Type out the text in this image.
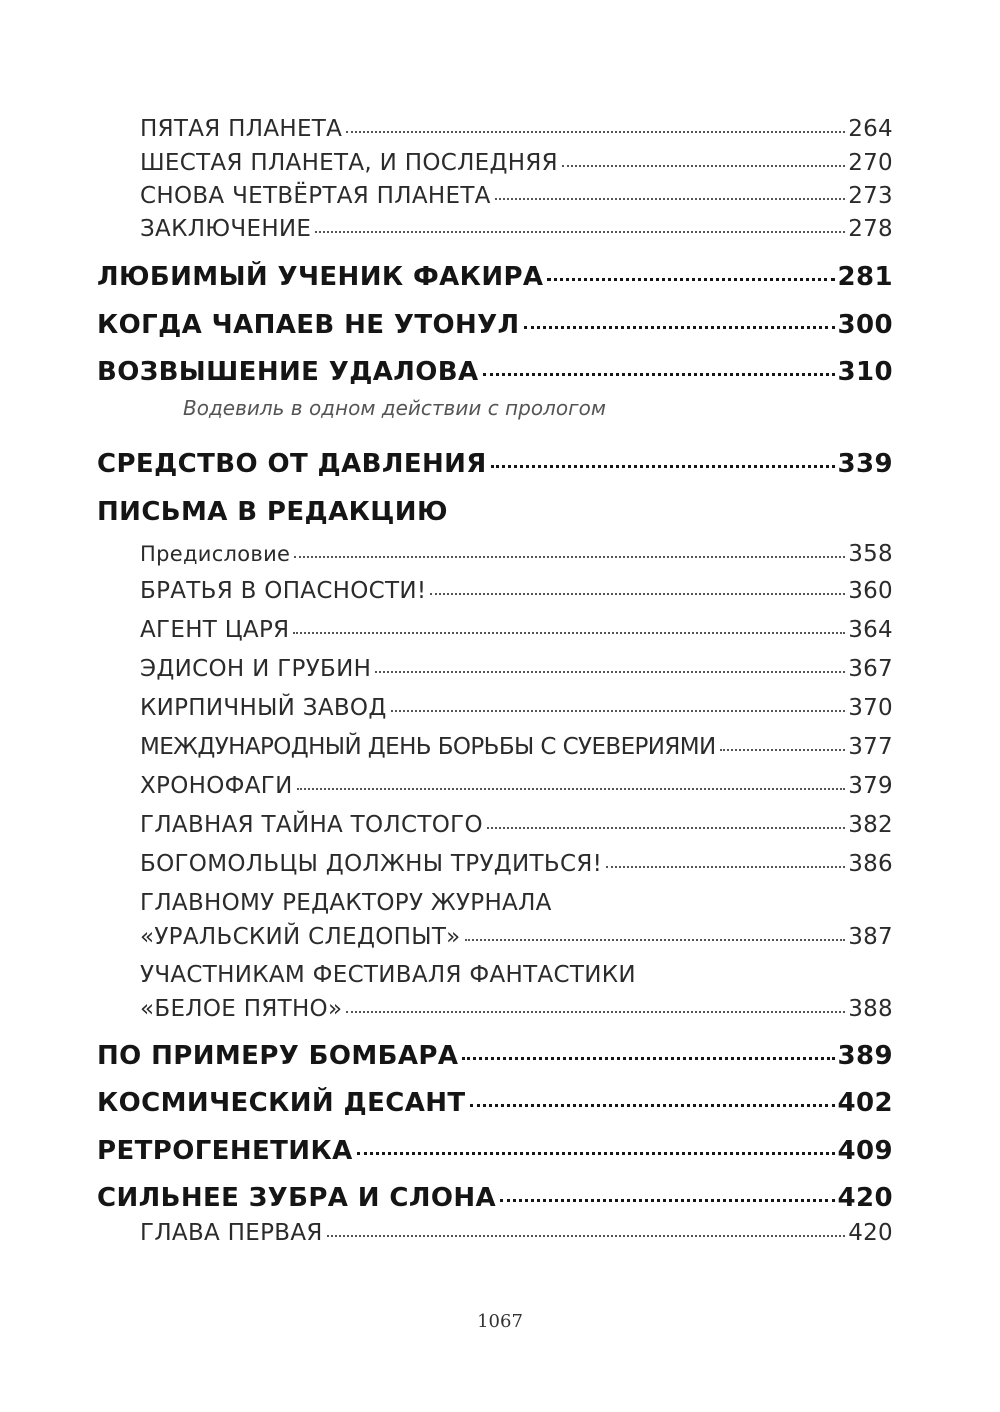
ПЯТАЯ ПЛАНЕТА	264
ШЕСТАЯ ПЛАНЕТА, И ПОСЛЕДНЯЯ	270
СНОВА ЧЕТВЁРТАЯ ПЛАНЕТА	273
ЗАКЛЮЧЕНИЕ	278
ЛЮБИМЫЙ УЧЕНИК ФАКИРА	281
КОГДА ЧАПАЕВ НЕ УТОНУЛ	300
ВОЗВЫШЕНИЕ УДАЛОВА	310
Водевиль в одном действии с прологом
СРЕДСТВО ОТ ДАВЛЕНИЯ	339
ПИСЬМА В РЕДАКЦИЮ
Предисловие	358
БРАТЬЯ В ОПАСНОСТИ!	360
АГЕНТ ЦАРЯ	364
ЭДИСОН И ГРУБИН	367
КИРПИЧНЫЙ ЗАВОД	370
МЕЖДУНАРОДНЫЙ ДЕНЬ БОРЬБЫ С СУЕВЕРИЯМИ	377
ХРОНОФАГИ	379
ГЛАВНАЯ ТАЙНА ТОЛСТОГО	382
БОГОМОЛЬЦЫ ДОЛЖНЫ ТРУДИТЬСЯ!	386
ГЛАВНОМУ РЕДАКТОРУ ЖУРНАЛА
«УРАЛЬСКИЙ СЛЕДОПЫТ»	387
УЧАСТНИКАМ ФЕСТИВАЛЯ ФАНТАСТИКИ
«БЕЛОЕ ПЯТНО»	388
ПО ПРИМЕРУ БОМБАРА	389
КОСМИЧЕСКИЙ ДЕСАНТ	402
РЕТРОГЕНЕТИКА	409
СИЛЬНЕЕ ЗУБРА И СЛОНА	420
ГЛАВА ПЕРВАЯ	420
1067
